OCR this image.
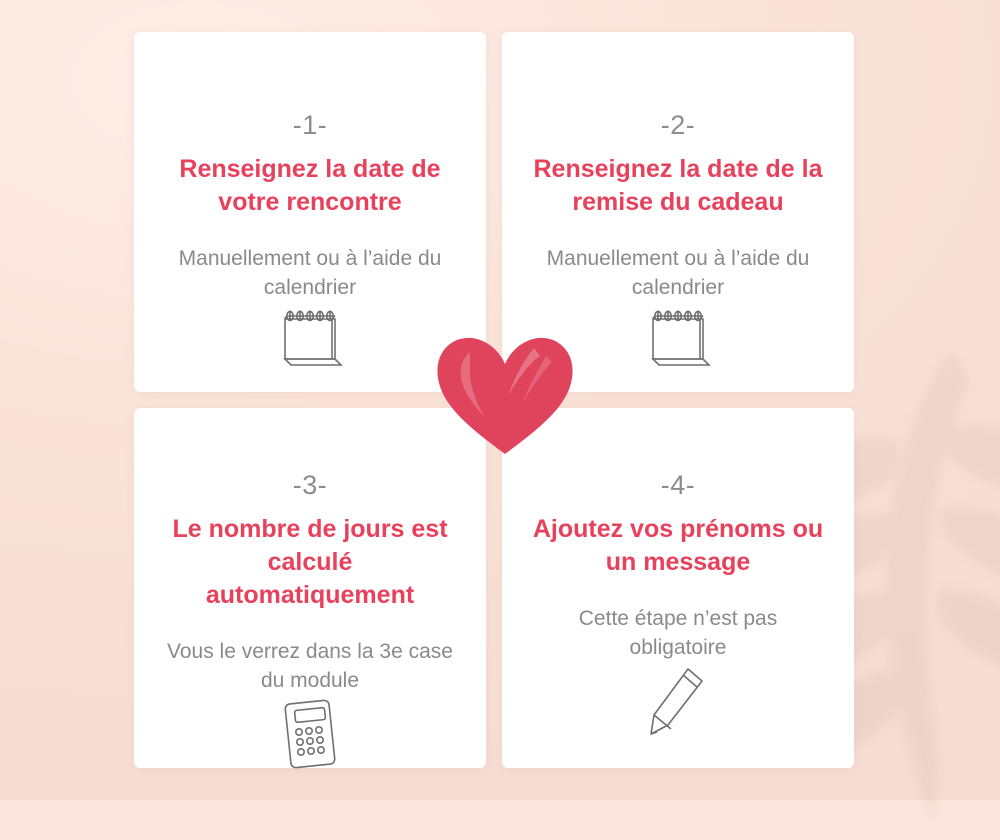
-1-
Renseignez la date de votre rencontre
Manuellement ou à l’aide du calendrier
-2-
Renseignez la date de la remise du cadeau
Manuellement ou à l’aide du calendrier
-3-
Le nombre de jours est calculé automatiquement
Vous le verrez dans la 3e case du module
-4-
Ajoutez vos prénoms ou un message
Cette étape n’est pas obligatoire
